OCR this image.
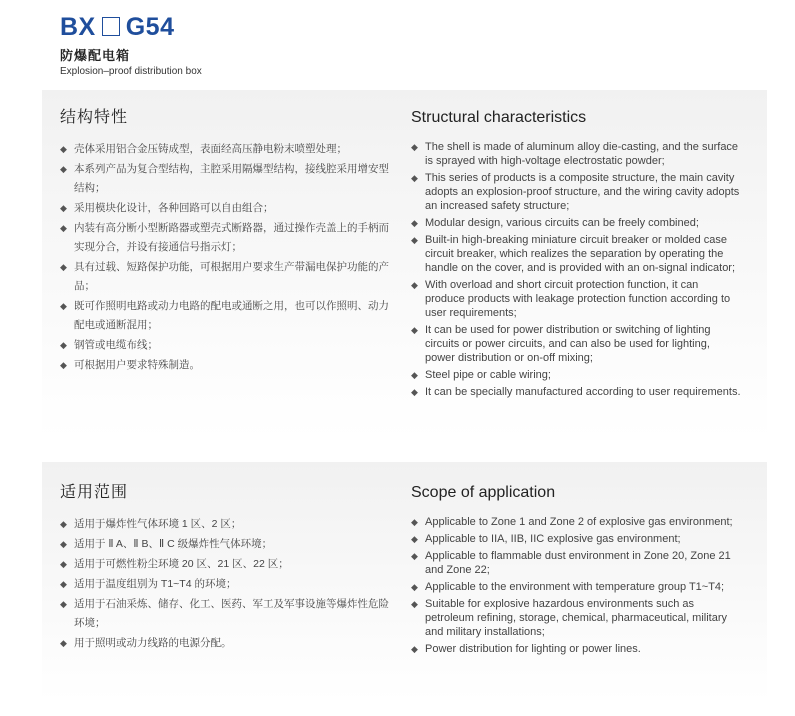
BX G54
防爆配电箱
Explosion–proof distribution box
结构特性
◆ 壳体采用铝合金压铸成型，表面经高压静电粉末喷塑处理；
◆ 本系列产品为复合型结构，主腔采用隔爆型结构，接线腔采用增安型结构；
◆ 采用模块化设计，各种回路可以自由组合；
◆ 内装有高分断小型断路器或塑壳式断路器，通过操作壳盖上的手柄而实现分合，并设有接通信号指示灯；
◆ 具有过载、短路保护功能，可根据用户要求生产带漏电保护功能的产品；
◆ 既可作照明电路或动力电路的配电或通断之用，也可以作照明、动力配电或通断混用；
◆ 钢管或电缆布线；
◆ 可根据用户要求特殊制造。
Structural characteristics
◆ The shell is made of aluminum alloy die-casting, and the surface is sprayed with high-voltage electrostatic powder;
◆ This series of products is a composite structure, the main cavity adopts an explosion-proof structure, and the wiring cavity adopts an increased safety structure;
◆ Modular design, various circuits can be freely combined;
◆ Built-in high-breaking miniature circuit breaker or molded case circuit breaker, which realizes the separation by operating the handle on the cover, and is provided with an on-signal indicator;
◆ With overload and short circuit protection function, it can produce products with leakage protection function according to user requirements;
◆ It can be used for power distribution or switching of lighting circuits or power circuits, and can also be used for lighting, power distribution or on-off mixing;
◆ Steel pipe or cable wiring;
◆ It can be specially manufactured according to user requirements.
适用范围
◆ 适用于爆炸性气体环境 1 区、2 区；
◆ 适用于 Ⅱ A、Ⅱ B、Ⅱ C 级爆炸性气体环境；
◆ 适用于可燃性粉尘环境 20 区、21 区、22 区；
◆ 适用于温度组别为 T1~T4 的环境；
◆ 适用于石油采炼、储存、化工、医药、军工及军事设施等爆炸性危险环境；
◆ 用于照明或动力线路的电源分配。
Scope of application
◆ Applicable to Zone 1 and Zone 2 of explosive gas environment;
◆ Applicable to IIA, IIB, IIC explosive gas environment;
◆ Applicable to flammable dust environment in Zone 20, Zone 21 and Zone 22;
◆ Applicable to the environment with temperature group T1~T4;
◆ Suitable for explosive hazardous environments such as petroleum refining, storage, chemical, pharmaceutical, military and military installations;
◆ Power distribution for lighting or power lines.
